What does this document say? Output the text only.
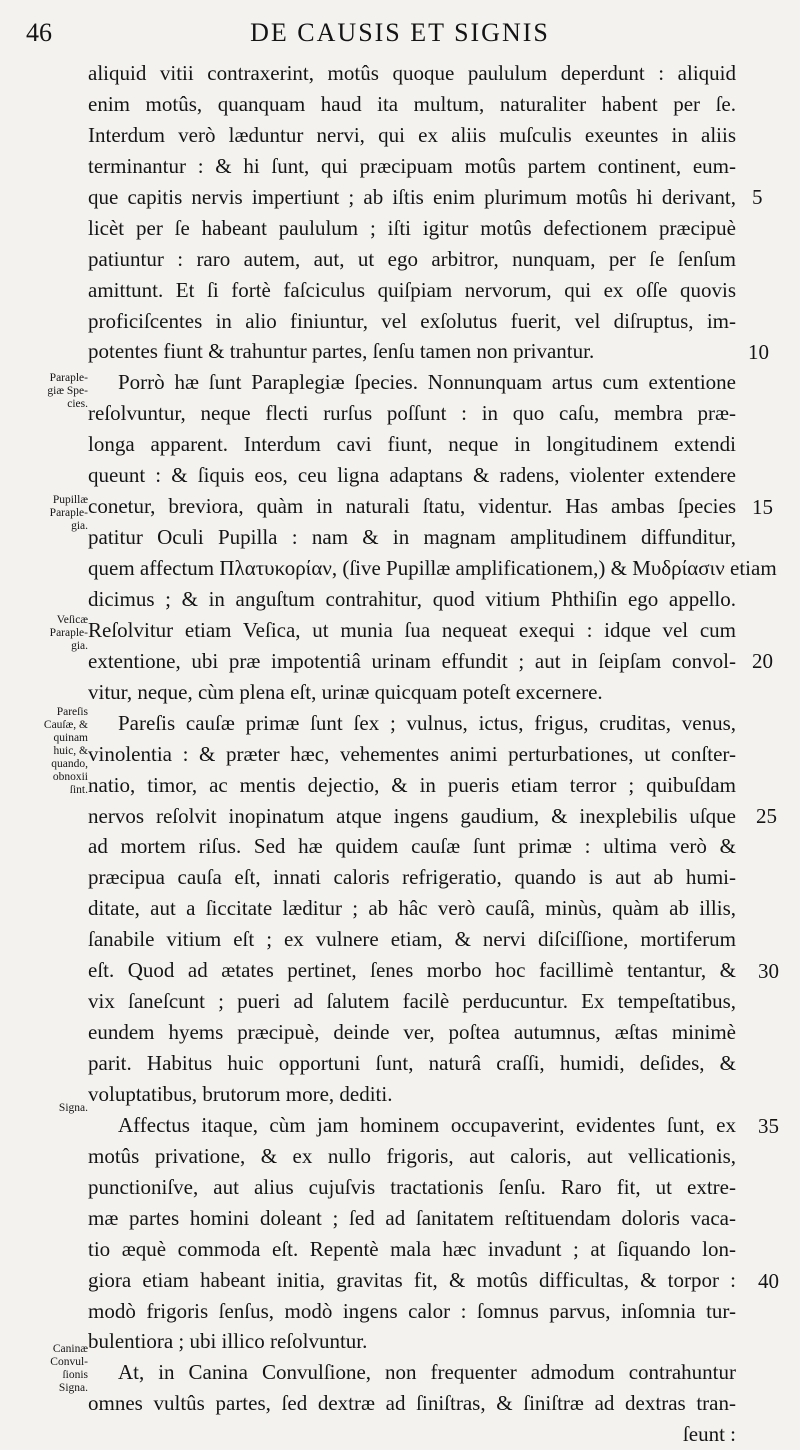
46	DE CAUSIS ET SIGNIS
aliquid vitii contraxerint, motûs quoque paululum deperdunt : aliquid
enim motûs, quanquam haud ita multum, naturaliter habent per ſe.
Interdum verò læduntur nervi, qui ex aliis muſculis exeuntes in aliis
terminantur : & hi ſunt, qui præcipuam motûs partem continent, eum-
que capitis nervis impertiunt ; ab iſtis enim plurimum motûs hi derivant,
licèt per ſe habeant paululum ; iſti igitur motûs defectionem præcipuè
patiuntur : raro autem, aut, ut ego arbitror, nunquam, per ſe ſenſum
amittunt. Et ſi fortè faſciculus quiſpiam nervorum, qui ex oſſe quovis
proficiſcentes in alio finiuntur, vel exſolutus fuerit, vel diſruptus, im-
potentes fiunt & trahuntur partes, ſenſu tamen non privantur.
Porrò hæ ſunt Paraplegiæ ſpecies. Nonnunquam artus cum extentione
reſolvuntur, neque flecti rurſus poſſunt : in quo caſu, membra præ-
longa apparent. Interdum cavi fiunt, neque in longitudinem extendi
queunt : & ſiquis eos, ceu ligna adaptans & radens, violenter extendere
conetur, breviora, quàm in naturali ſtatu, videntur. Has ambas ſpecies
patitur Oculi Pupilla : nam & in magnam amplitudinem diffunditur,
quem affectum Πλατυκορίαν, (ſive Pupillæ amplificationem,) & Μυδρίασιν etiam
dicimus ; & in anguſtum contrahitur, quod vitium Phthiſin ego appello.
Reſolvitur etiam Veſica, ut munia ſua nequeat exequi : idque vel cum
extentione, ubi præ impotentiâ urinam effundit ; aut in ſeipſam convol-
vitur, neque, cùm plena eſt, urinæ quicquam poteſt excernere.
Pareſis cauſæ primæ ſunt ſex ; vulnus, ictus, frigus, cruditas, venus,
vinolentia : & præter hæc, vehementes animi perturbationes, ut conſter-
natio, timor, ac mentis dejectio, & in pueris etiam terror ; quibuſdam
nervos reſolvit inopinatum atque ingens gaudium, & inexplebilis uſque
ad mortem riſus. Sed hæ quidem cauſæ ſunt primæ : ultima verò &
præcipua cauſa eſt, innati caloris refrigeratio, quando is aut ab humi-
ditate, aut a ſiccitate læditur ; ab hâc verò cauſâ, minùs, quàm ab illis,
ſanabile vitium eſt ; ex vulnere etiam, & nervi diſciſſione, mortiferum
eſt. Quod ad ætates pertinet, ſenes morbo hoc facillimè tentantur, &
vix ſaneſcunt ; pueri ad ſalutem facilè perducuntur. Ex tempeſtatibus,
eundem hyems præcipuè, deinde ver, poſtea autumnus, æſtas minimè
parit. Habitus huic opportuni ſunt, naturâ craſſi, humidi, deſides, &
voluptatibus, brutorum more, dediti.
Affectus itaque, cùm jam hominem occupaverint, evidentes ſunt, ex
motûs privatione, & ex nullo frigoris, aut caloris, aut vellicationis,
punctioniſve, aut alius cujuſvis tractationis ſenſu. Raro fit, ut extre-
mæ partes homini doleant ; ſed ad ſanitatem reſtituendam doloris vaca-
tio æquè commoda eſt. Repentè mala hæc invadunt ; at ſiquando lon-
giora etiam habeant initia, gravitas fit, & motûs difficultas, & torpor :
modò frigoris ſenſus, modò ingens calor : ſomnus parvus, inſomnia tur-
bulentiora ; ubi illico reſolvuntur.
At, in Canina Convulſione, non frequenter admodum contrahuntur
omnes vultûs partes, ſed dextræ ad ſiniſtras, & ſiniſtræ ad dextras tran-
ſeunt :
Paraple-
giæ Spe-
cies.
Pupillæ
Paraple-
gia.
Veſicæ
Paraple-
gia.
Pareſis
Cauſæ, &
quinam
huic, &
quando,
obnoxii
ſint.
Signa.
Caninæ
Convul-
ſionis
Signa.
5
10
15
20
25
30
35
40
